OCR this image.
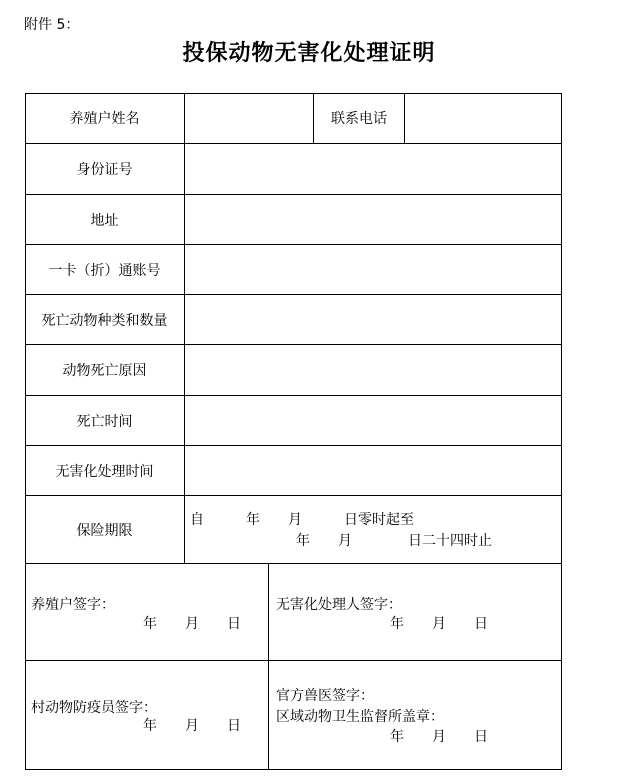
附件 5：
投保动物无害化处理证明
养殖户姓名	联系电话
身份证号
地址
一卡（折）通账号
死亡动物种类和数量
动物死亡原因
死亡时间
无害化处理时间
保险期限
自　　　年　　月　　　日零时起至
年　　月　　　　日二十四时止
养殖户签字：
年　　月　　日
无害化处理人签字：
年　　月　　日
村动物防疫员签字：
年　　月　　日
官方兽医签字：
区域动物卫生监督所盖章：
年　　月　　日
